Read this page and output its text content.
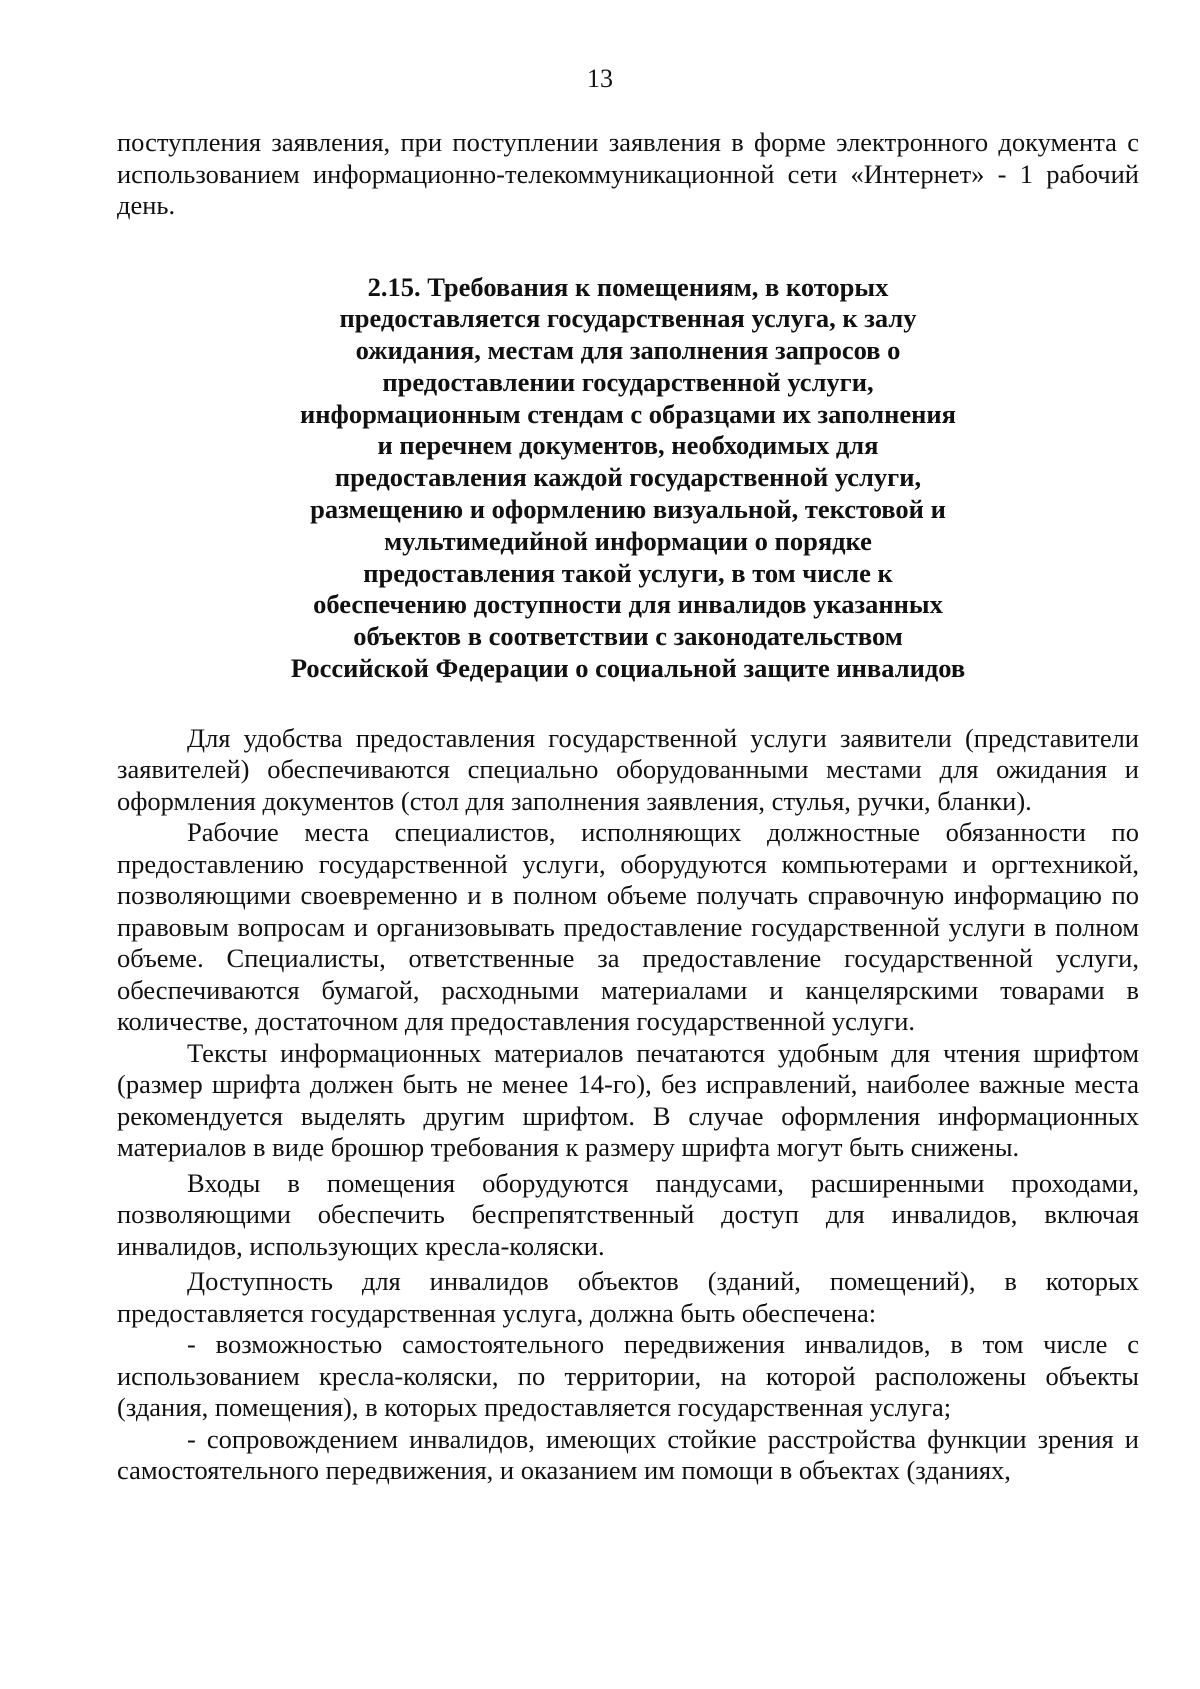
13

поступления заявления, при поступлении заявления в форме электронного документа с использованием информационно-телекоммуникационной сети «Интернет» - 1 рабочий день.

2.15. Требования к помещениям, в которых
предоставляется государственная услуга, к залу
ожидания, местам для заполнения запросов о
предоставлении государственной услуги,
информационным стендам с образцами их заполнения
и перечнем документов, необходимых для
предоставления каждой государственной услуги,
размещению и оформлению визуальной, текстовой и
мультимедийной информации о порядке
предоставления такой услуги, в том числе к
обеспечению доступности для инвалидов указанных
объектов в соответствии с законодательством
Российской Федерации о социальной защите инвалидов

Для удобства предоставления государственной услуги заявители (представители заявителей) обеспечиваются специально оборудованными местами для ожидания и оформления документов (стол для заполнения заявления, стулья, ручки, бланки).

Рабочие места специалистов, исполняющих должностные обязанности по предоставлению государственной услуги, оборудуются компьютерами и оргтехникой, позволяющими своевременно и в полном объеме получать справочную информацию по правовым вопросам и организовывать предоставление государственной услуги в полном объеме. Специалисты, ответственные за предоставление государственной услуги, обеспечиваются бумагой, расходными материалами и канцелярскими товарами в количестве, достаточном для предоставления государственной услуги.

Тексты информационных материалов печатаются удобным для чтения шрифтом (размер шрифта должен быть не менее 14-го), без исправлений, наиболее важные места рекомендуется выделять другим шрифтом. В случае оформления информационных материалов в виде брошюр требования к размеру шрифта могут быть снижены.

Входы в помещения оборудуются пандусами, расширенными проходами, позволяющими обеспечить беспрепятственный доступ для инвалидов, включая инвалидов, использующих кресла-коляски.

Доступность для инвалидов объектов (зданий, помещений), в которых предоставляется государственная услуга, должна быть обеспечена:

- возможностью самостоятельного передвижения инвалидов, в том числе с использованием кресла-коляски, по территории, на которой расположены объекты (здания, помещения), в которых предоставляется государственная услуга;

- сопровождением инвалидов, имеющих стойкие расстройства функции зрения и самостоятельного передвижения, и оказанием им помощи в объектах (зданиях,
